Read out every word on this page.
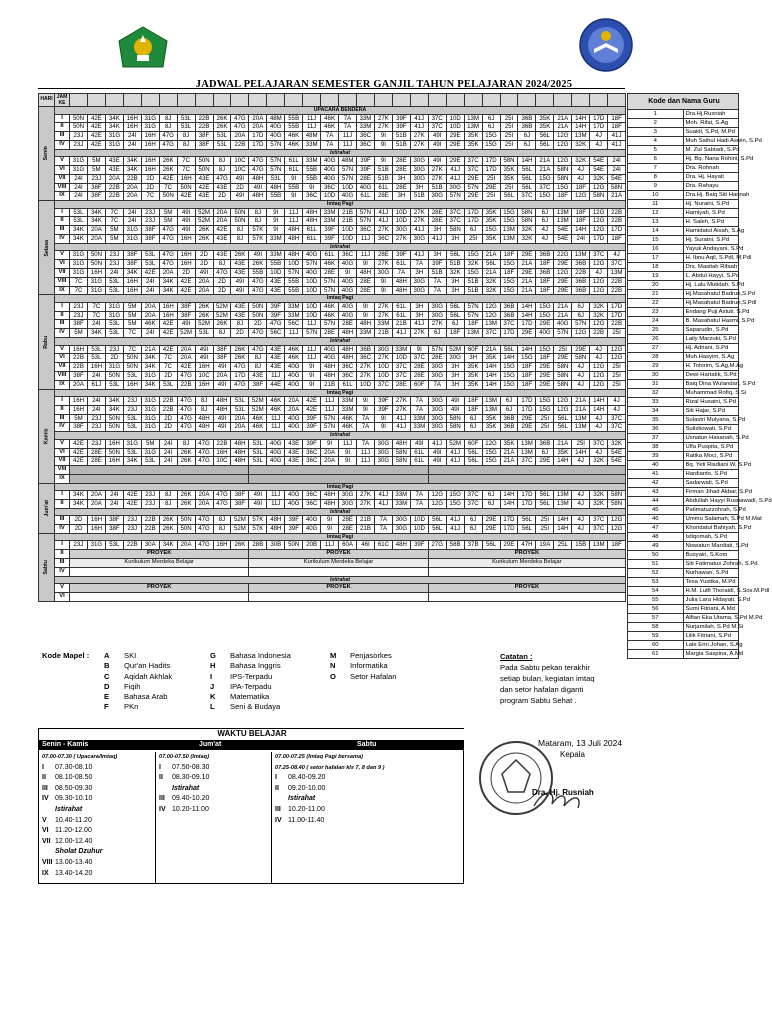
JADWAL PELAJARAN SEMESTER GANJIL TAHUN PELAJARAN 2024/2025
HARI	JAM KE																															
Senin	UPACARA BENDERA																															
	I	50N	42E	34K	16H	31G	8J	53L	22B	26K	47G	20A	48M	55B	11J	46K	7A	33M	27K	39F	41J	37C	10D	13M	6J	25I	36B	35K	21A	14H	17D	18F
	II	50N	42E	34K	16H	31G	8J	53L	22B	26K	47G	20A	40G	55B	11J	46K	7A	33M	27K	39F	41J	37C	10D	13M	6J	25I	36B	35K	21A	14H	17D	18F
	III	23J	42E	31G	24I	16H	47G	8J	38F	53L	20A	17D	40G	46K	48M	7A	11J	36C	9I	51B	27K	49I	29E	35K	15G	25I	6J	56L	12G	13M	4J	41J
	IV	23J	42E	31G	24I	16H	47G	8J	38F	53L	22B	17D	57N	46K	33M	7A	11J	36C	9I	51B	27K	49I	29E	35K	15G	25I	6J	56L	12G	32K	4J	41J
	Istirahat																															
	V	31G	5M	43E	34K	16H	26K	7C	50N	8J	10C	47G	57N	61L	33M	40G	48M	39F	9I	28E	30G	49I	29E	37C	17D	58N	14H	21A	12G	32K	54E	24I
	VI	31G	5M	43E	34K	16H	26K	7C	50N	8J	10C	47G	57N	61L	55B	40G	57N	39F	51B	28E	30G	27K	41J	37C	17D	35K	56L	21A	58N	4J	54E	24I
	VII	24I	23J	20A	22B	2D	42E	16H	43E	47G	49I	48H	53L	9I	55B	40G	57N	28E	51B	3H	30G	27K	41J	29E	25I	35K	56L	15G	58N	4J	32K	54E
	VIII	24I	38F	22B	20A	2D	7C	50N	42E	43E	2D	49I	48H	55B	9I	36C	10D	40G	61L	28E	3H	51B	30G	57N	29E	25I	56L	37C	15G	18F	12G	58N
	IX	24I	38F	22B	20A	7C	50N	42E	43E	2D	49I	48H	55B	9I	36C	10D	40G	61L	28E	3H	51B	30G	57N	29E	25I	56L	37C	15G	18F	12G	58N	21A
Selasa	Imtaq Pagi																															
	I	53L	34K	7C	24I	23J	5M	49I	52M	20A	50N	8J	9I	11J	48H	33M	21B	57N	41J	10D	27K	28E	37C	17D	35K	15G	58N	6J	13M	18F	12G	22B
	II	53L	34K	7C	24I	23J	5M	49I	52M	20A	50N	8J	9I	11J	48H	33M	21B	57N	41J	10D	27K	28E	37C	17D	35K	15G	58N	6J	13M	18F	12G	22B
	III	34K	20A	5M	31G	38F	47G	49I	26K	42E	8J	57K	9I	48H	61L	39F	10D	36C	27K	30G	41J	3H	58N	6J	15G	13M	32K	4J	54E	14H	12G	17D
	IV	34K	20A	5M	31G	38F	47G	16H	26K	43E	8J	57K	33M	48H	61L	39F	10D	11J	36C	27K	30G	41J	3H	25I	35K	13M	32K	4J	54E	24I	17D	18F
	Istirahat																															
	V	31G	50N	23J	38F	53L	47G	16H	2D	43E	26K	49I	33M	48H	40G	61L	36C	11J	28E	39F	41J	3H	56L	15G	21A	18F	29E	36B	22G	13M	37C	4J
	VI	31G	50N	23J	38F	53L	47G	16H	2D	8J	43E	26K	55B	10D	57N	46K	40G	9I	27K	61L	7A	39F	51B	32K	56L	15G	21A	18F	29E	36B	12G	37C
	VII	31G	16H	24I	34K	42E	20A	2D	49I	47G	43E	55B	10D	57N	40G	28E	9I	48H	30G	7A	3H	51B	32K	15G	21A	18F	29E	36B	12G	22B	4J	13M
	VIII	7C	31G	53L	16H	24I	34K	42E	20A	2D	49I	47G	43E	55B	10D	57N	40G	28E	9I	48H	30G	7A	3H	51B	32K	15G	21A	18F	29E	36B	12G	22B
	IX	7C	31G	53L	16H	24I	34K	42E	20A	2D	49I	47G	43E	55B	10D	57N	40G	28E	9I	48H	30G	7A	3H	51B	32K	15G	21A	18F	29E	36B	12G	22B
Rabu	Imtaq Pagi																															
	I	23J	7C	31G	5M	20A	16H	38F	26K	52M	43E	50N	39F	33M	10D	46K	40G	9I	27K	61L	3H	30G	56L	57N	12G	36B	14H	15G	21A	6J	32K	17D
	II	23J	7C	31G	5M	20A	16H	38F	26K	52M	43E	50N	39F	33M	10D	46K	40G	9I	27K	61L	3H	30G	56L	57N	12G	36B	14H	15G	21A	6J	32K	17D
	III	38F	24I	53L	5M	46K	42E	49I	52M	26K	8J	2D	47G	56C	11J	57N	28E	48H	33M	21B	41J	27K	6J	18F	13M	37C	17D	29E	40G	57N	12G	22B
	IV	5M	34K	53L	7C	24I	42E	52M	53L	8J	2D	47G	56C	11J	57N	28E	48H	33M	21B	41J	27K	6J	18F	13M	37C	17D	29E	40G	57N	12G	22B	25I
	Istirahat																															
	V	16H	53L	23J	7C	21A	42E	20A	49I	38F	26K	47G	43E	46K	11J	40G	48H	36B	30G	33M	9I	57N	52M	60F	21A	56L	14H	15G	25I	29E	4J	12G
	VI	22B	53L	2D	50N	34K	7C	20A	49I	38F	26K	8J	43E	46K	11J	40G	48H	36C	27K	10D	37C	28E	30G	3H	35K	14H	15G	18F	29E	58N	4J	12G
	VII	22B	16H	31G	50N	34K	7C	42E	16H	49I	47G	8J	43E	40G	9I	48H	36C	27K	10D	37C	28E	30G	3H	35K	14H	15G	18F	29E	58N	4J	12G	25I
	VIII	38F	24I	50N	53L	31G	2D	47G	10C	20A	17D	43E	11J	40G	9I	48H	36C	27K	10D	37C	28E	30G	3H	35K	14H	15G	18F	29E	58N	4J	12G	25I
	IX	20A	61J	53L	16H	34K	53L	22B	16H	49I	47G	38F	44E	40G	9I	21B	61L	10D	37C	28E	60F	7A	3H	35K	14H	15G	18F	29E	58N	4J	12G	25I
Kamis	Imtaq Pagi																															
	I	16H	24I	34K	23J	31G	22B	47G	8J	48H	53L	52M	46K	20A	42E	11J	33M	9I	39F	27K	7A	30G	49I	18F	13M	6J	17D	15G	12G	21A	14H	4J
	II	16H	24I	34K	23J	31G	22B	47G	8J	48H	53L	52M	46K	20A	42E	11J	33M	9I	39F	27K	7A	30G	49I	18F	13M	6J	17D	15G	12G	21A	14H	4J
	III	5M	23J	50N	53L	31G	2D	47G	48H	49I	20A	46K	11J	40G	39F	57N	46K	7A	9I	41J	33M	30G	58N	6J	35K	36B	29E	25I	56L	13M	4J	37C
	IV	38F	23J	50N	53L	31G	2D	47G	48H	49I	20A	46K	11J	40G	39F	57N	46K	7A	9I	41J	33M	30G	58N	6J	35K	36B	29E	25I	56L	13M	4J	37C
	Istirahat																															
	V	42E	23J	16H	31G	5M	24I	8J	47G	22B	48H	53L	40G	43E	39F	9I	11J	7A	30G	48H	49I	41J	52M	60F	12G	35K	13M	36B	21A	25I	37C	32K
	VI	42E	28E	50N	53L	31G	24I	26K	47G	16H	48H	53L	40G	43E	36C	20A	9I	11J	30G	58N	61L	49I	41J	56L	15G	21A	13M	6J	35K	14H	4J	54E
	VII	42E	28E	16H	34K	53L	24I	26K	47G	10C	48H	53L	40G	43E	36C	20A	9I	11J	30G	58N	61L	49I	41J	56L	15G	21A	37C	29E	14H	4J	32K	54E
	VIII																															
	IX																															
Jum'at	Imtaq Pagi																															
	I	34K	20A	24I	42E	23J	8J	26K	20A	47G	38F	49I	11J	40G	36C	48H	30G	27K	41J	33M	7A	12G	15G	37C	6J	14H	17D	56L	13M	4J	32K	58N
	II	34K	20A	24I	42E	23J	8J	26K	20A	47G	38F	49I	11J	40G	36C	48H	30G	27K	41J	33M	7A	12G	15G	37C	6J	14H	17D	56L	13M	4J	32K	58N
	Istirahat																															
	III	2D	16H	38F	23J	22B	26K	50N	47G	8J	52M	57K	48H	39F	40G	9I	28E	21B	7A	30G	10D	56L	41J	6J	29E	17D	56L	25I	14H	4J	37C	12G
	IV	2D	16H	38F	23J	22B	26K	50N	47G	8J	52M	57K	48H	39F	40G	9I	28E	21B	7A	30G	10D	56L	41J	6J	29E	17D	56L	25I	14H	4J	37C	12G
Sabtu	Imtaq Pagi																															
	I	23J	31G	53L	22B	30A	34K	20A	47G	16H	26K	28B	30B	50N	20B	11J	60A	46I	61C	48H	39F	27G	58B	37B	56L	29E	47H	19A	25L	15B	13M	18F
	II	PROYEK										PROYEK										PROYEK										
	III	Kurikulum Merdeka Belajar										Kurikulum Merdeka Belajar										Kurikulum Merdeka Belajar										
	IV																															
	Istirahat																															
	V	PROYEK										PROYEK										PROYEK										
	VI																															
Kode dan Nama Guru	
1	Dra.Hj.Rusniah
2	Moh. Rifai, S.Ag
3	Suaidi, S.Pd, M.Pd
4	Muh Saihul Hadi Aswin, S.Pd
5	M. Zul Sabtadi, S.Pd
6	Hj. Bq. Nana Rohini, S.Pd
7	Dra. Rohnah
8	Dra. Hj. Hayati
9	Dra. Rahayu
10	Dra.Hj. Baiq Siti Hannah
11	Hj. Nuraini, S.Pd
12	Hamiyah, S.Pd
13	H. Saleh, S.Pd
14	Hamidatul Aisah, S.Ag
15	Hj. Suratni, S.Pd
16	Yayuk Andayani, S.Pd
17	H. Ibnu Aqil, S.Pdl, M.Pdl
18	Drs. Masitah Rifaah
19	L. Abdul Hayyi, S.Pd
20	Hj. Lalu Mutidah, S.Pd
21	Hj.Masahatul Badrun,S.Pd
22	Hj.Masahatul Badrun,S.Pdl
23	Endang Puji Astuti, S.Pd
24	B. Masahatul Hasmi, S.Pd
25	Saparudin, S.Pd
26	Laily Marzuki, S.Pd
27	Hj. Adriani, S.Pd
28	Muh.Hasyim, S.Ag
29	H. Tohirim, S.Ag,M.Ag
30	Dewi Hartatik, S.Pd
31	Baiq Dina Wulandari, S.Pd
32	Muhammad Rofiq, S.Si
33	Rizal Husaini, S.Pd
34	Siti Hajar, S.Pd
35	Sulastri Mulyana, S.Pd
36	Sulistiowati, S.Pd
37	Usnatun Hasanah, S.Pd
38	Ulfa Puspita, S.Pd
39	Ratika Moci, S.Pd
40	Bq. Yeti Risdiani W, S.Pd
41	Hardianto, S.Pd
42	Sadarwati, S.Pd
43	Firman Jihad Akbar, S.Pd
44	Abdullah Hayyi Rusnawadi, S.Pd
45	Patimatuzzohrah, S.Pd
46	Ummu Salamah, S.Pd M.Mat
47	Khoridatul Bahiyah, S.Pd
48	Istiqomah, S.Pd
49	Niswatun Mardiati, S.Pd
50	Busyairi, S.Kom
51	Siti Fatimatus Zohrah, S.Pd
52	Nurhawan, S.Pd
53	Tesa Yustika, M.Pd
54	H.M. Lutfi Thoraidi, S.Sos.M.Pdl
55	Julia Lara Hidayati, S.Pd
56	Sumi Fitriani, A.Md
57	Alfian Eka Utama, S.Pd M.Pd
58	Nurjamilah, S.Pd M.Si
59	Lilik Fitriani, S.Pd
60	Lale Erni Johan, S.Ag
61	Margia Saspina, A.Md
Kode Mapel : A SKI
B Qur'an Hadits
C Aqidah Akhlak
D Fiqih
E Bahasa Arab
F PKn
G Bahasa Indonesia
H Bahasa Inggris
I IPS-Terpadu
J IPA-Terpadu
K Matematika
L Seni & Budaya
M Penjasorkes
N Informatika
O Setor Hafalan
Catatan :
Pada Sabtu pekan terakhir
setiap bulan, kegiatan imtaq
dan setor hafalan diganti
program Sabtu Sehat .
WAKTU BELAJAR
Senin - Kamis	Jum'at	Sabtu
07.00-07.30 ( Upacara/Imtaq)
I 07.30-08.10
II 08.10-08.50
III 08.50-09.30
IV 09.30-10.10
Istirahat
V 10.40-11.20
VI 11.20-12.00
VII 12.00-12.40
Sholat Dzuhur
VIII 13.00-13.40
IX 13.40-14.20
07.00-07.50 (Imtaq)
I 07.50-08.30
II 08.30-09.10
Istirahat
III 09.40-10.20
IV 10.20-11.00
07.00-07.25 (Imtaq Pagi bersama)
07.25-08.40 ( setor hafalan kls 7, 8 dan 9 )
I 08.40-09.20
II 09.20-10.00
Istirahat
III 10.20-11.00
IV 11.00-11.40
Mataram, 13 Juli 2024
Kepala
Dra. Hj. Rusniah
